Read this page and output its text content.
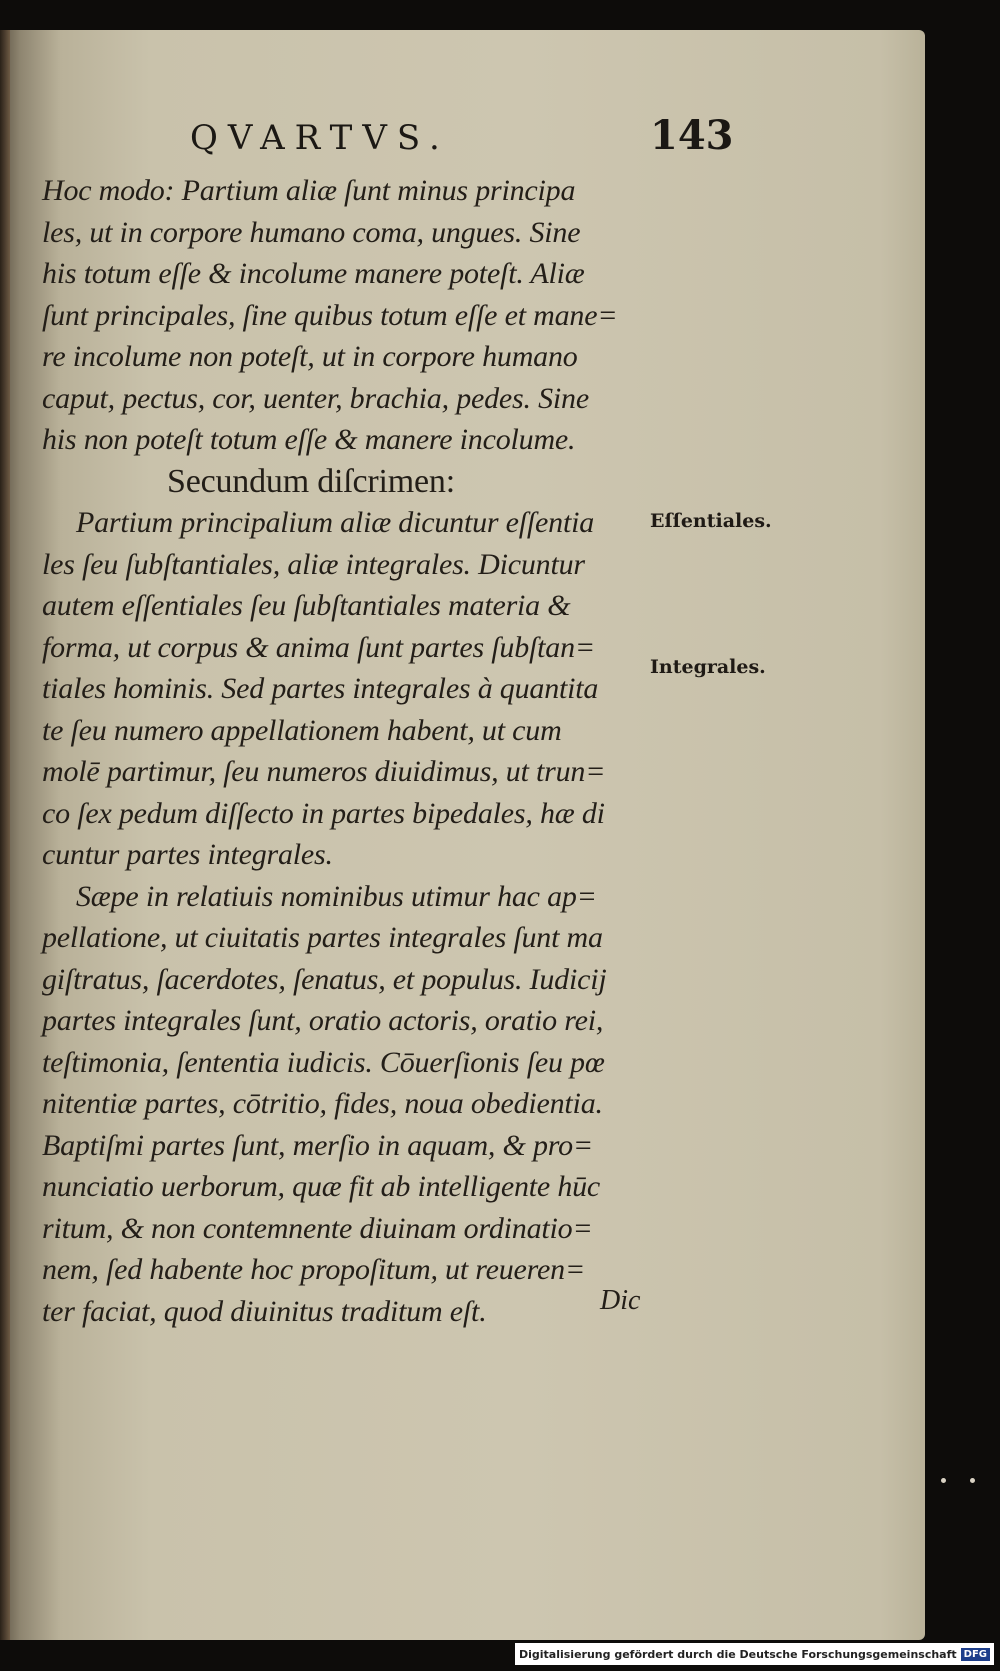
QVARTVS.	143
Hoc modo: Partium aliæ ſunt minus principa
les, ut in corpore humano coma, ungues. Sine
his totum eſſe & incolume manere poteſt. Aliæ
ſunt principales, ſine quibus totum eſſe et mane=
re incolume non poteſt, ut in corpore humano
caput, pectus, cor, uenter, brachia, pedes. Sine
his non poteſt totum eſſe & manere incolume.
Secundum diſcrimen:
Partium principalium aliæ dicuntur eſſentia
les ſeu ſubſtantiales, aliæ integrales. Dicuntur
autem eſſentiales ſeu ſubſtantiales materia &
forma, ut corpus & anima ſunt partes ſubſtan=
tiales hominis. Sed partes integrales à quantita
te ſeu numero appellationem habent, ut cum
molē partimur, ſeu numeros diuidimus, ut trun=
co ſex pedum diſſecto in partes bipedales, hæ di
cuntur partes integrales.
Sæpe in relatiuis nominibus utimur hac ap=
pellatione, ut ciuitatis partes integrales ſunt ma
giſtratus, ſacerdotes, ſenatus, et populus. Iudicij
partes integrales ſunt, oratio actoris, oratio rei,
teſtimonia, ſententia iudicis. Cōuerſionis ſeu pœ
nitentiæ partes, cōtritio, fides, noua obedientia.
Baptiſmi partes ſunt, merſio in aquam, & pro=
nunciatio uerborum, quæ fit ab intelligente hūc
ritum, & non contemnente diuinam ordinatio=
nem, ſed habente hoc propoſitum, ut reueren=
ter faciat, quod diuinitus traditum eſt.	Dic
Eſſentiales.
Integrales.
Digitalisierung gefördert durch die Deutsche Forschungsgemeinschaft DFG
